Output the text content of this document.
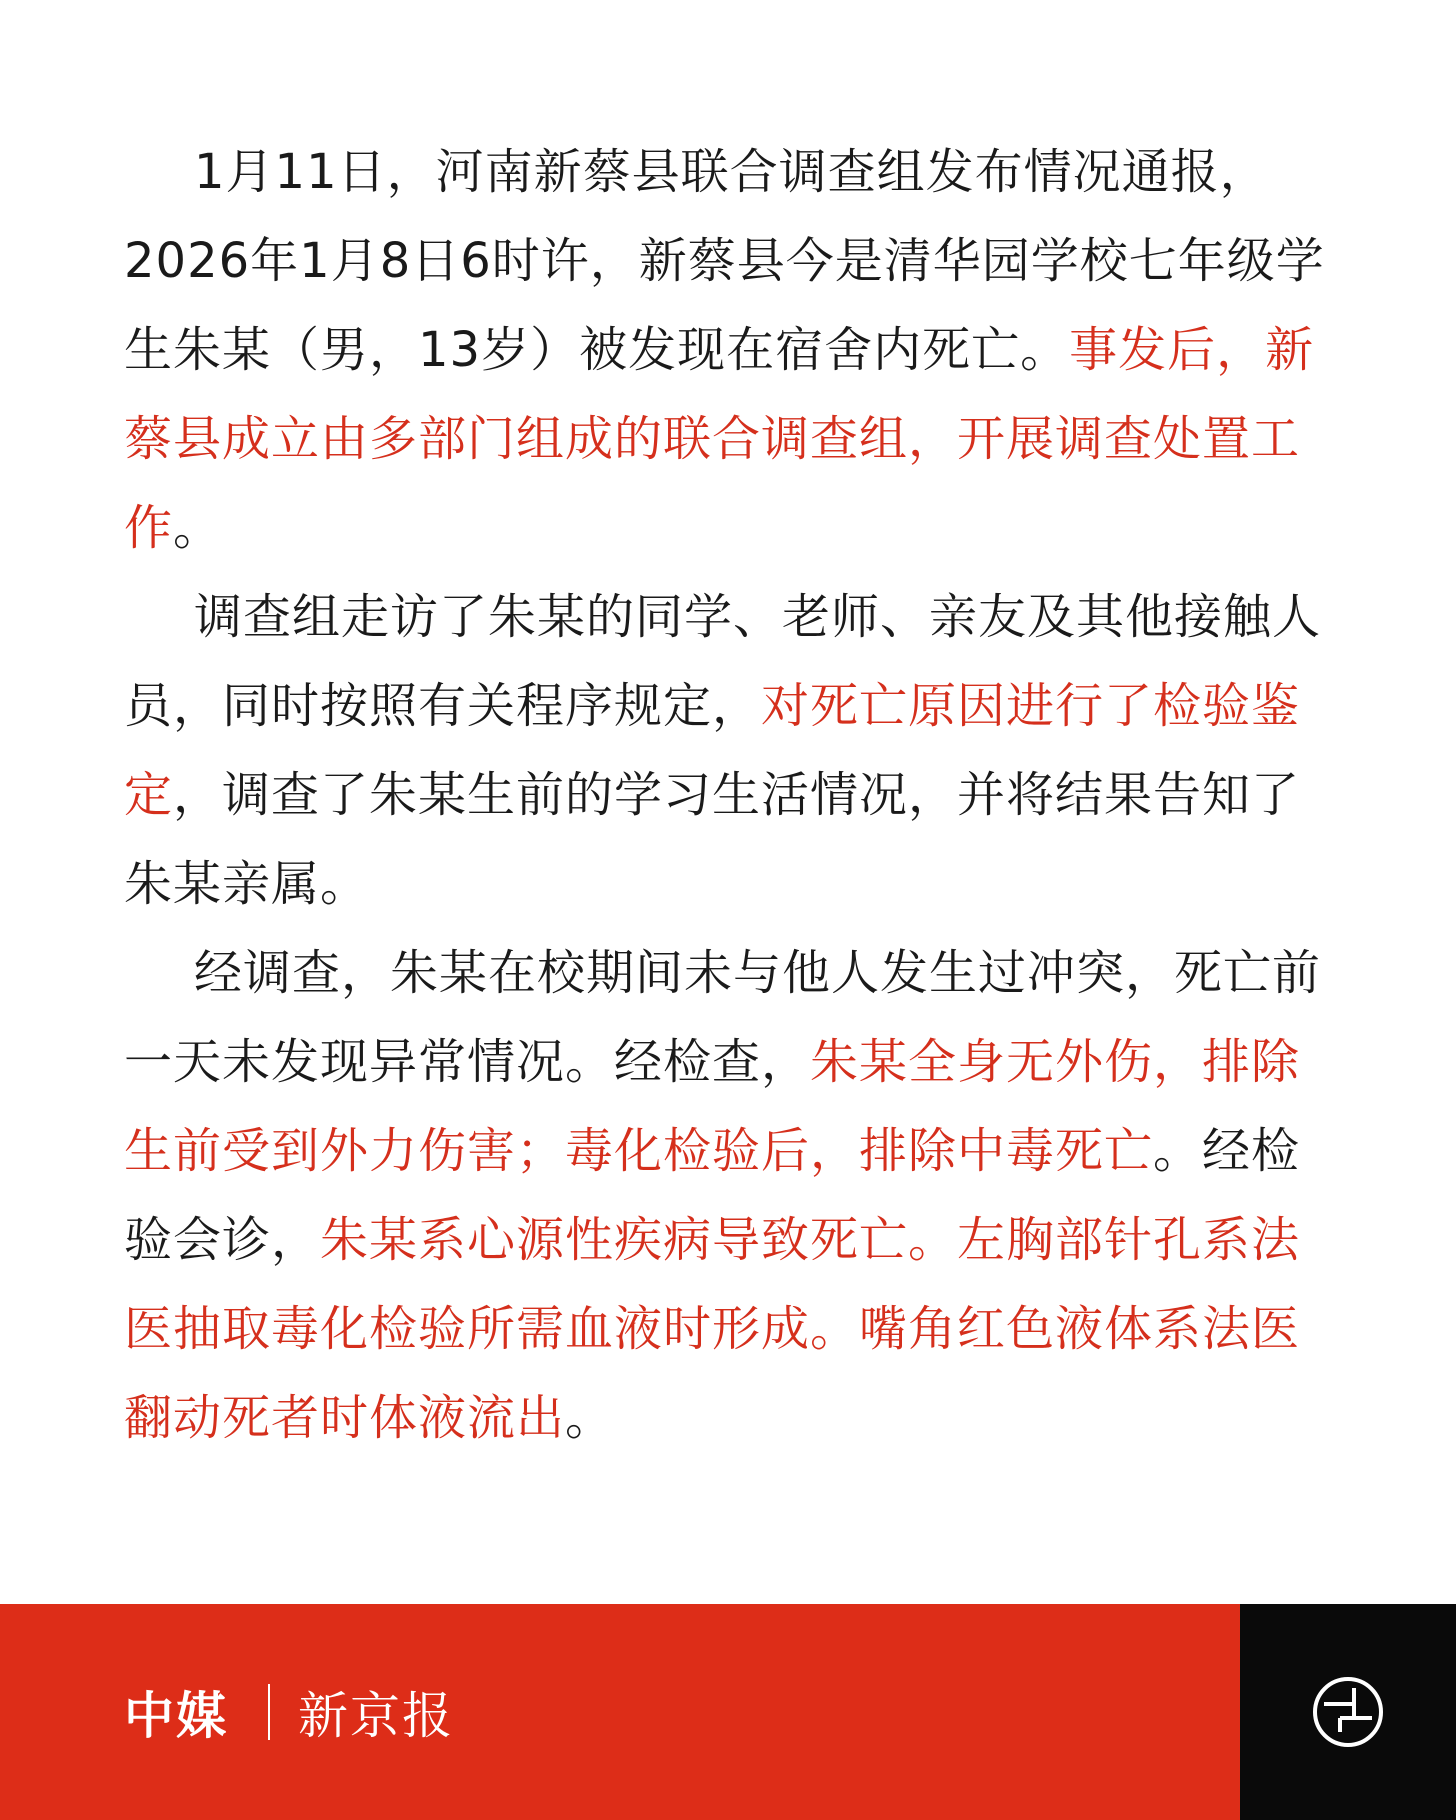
1月11日，河南新蔡县联合调查组发布情况通报，2026年1月8日6时许，新蔡县今是清华园学校七年级学生朱某（男，13岁）被发现在宿舍内死亡。事发后，新蔡县成立由多部门组成的联合调查组，开展调查处置工作。

调查组走访了朱某的同学、老师、亲友及其他接触人员，同时按照有关程序规定，对死亡原因进行了检验鉴定，调查了朱某生前的学习生活情况，并将结果告知了朱某亲属。

经调查，朱某在校期间未与他人发生过冲突，死亡前一天未发现异常情况。经检查，朱某全身无外伤，排除生前受到外力伤害；毒化检验后，排除中毒死亡。经检验会诊，朱某系心源性疾病导致死亡。左胸部针孔系法医抽取毒化检验所需血液时形成。嘴角红色液体系法医翻动死者时体液流出。

中媒 新京报
